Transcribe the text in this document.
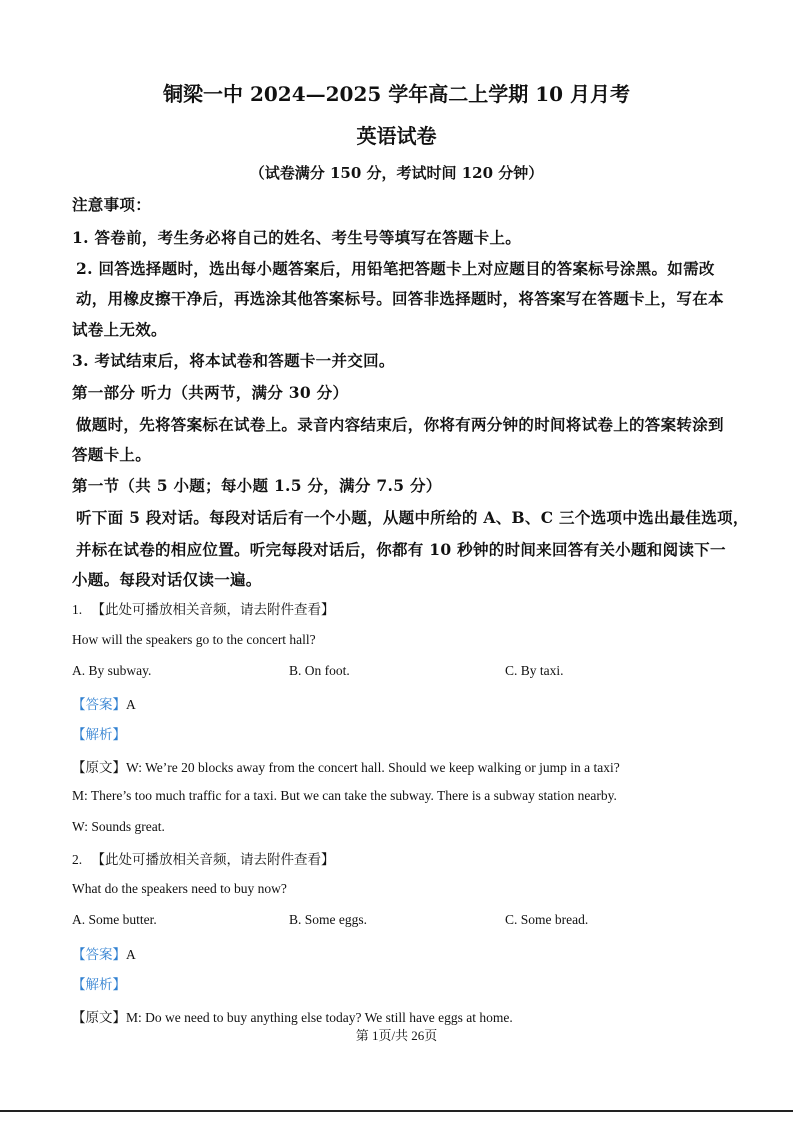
铜梁一中 2024—2025 学年高二上学期 10 月月考
英语试卷
（试卷满分 150 分，考试时间 120 分钟）
注意事项：
1. 答卷前，考生务必将自己的姓名、考生号等填写在答题卡上。
2. 回答选择题时，选出每小题答案后，用铅笔把答题卡上对应题目的答案标号涂黑。如需改
动，用橡皮擦干净后，再选涂其他答案标号。回答非选择题时，将答案写在答题卡上，写在本
试卷上无效。
3. 考试结束后，将本试卷和答题卡一并交回。
第一部分 听力（共两节，满分 30 分）
做题时，先将答案标在试卷上。录音内容结束后，你将有两分钟的时间将试卷上的答案转涂到
答题卡上。
第一节（共 5 小题；每小题 1.5 分，满分 7.5 分）
听下面 5 段对话。每段对话后有一个小题，从题中所给的 A、B、C 三个选项中选出最佳选项，
并标在试卷的相应位置。听完每段对话后，你都有 10 秒钟的时间来回答有关小题和阅读下一
小题。每段对话仅读一遍。
1. 【此处可播放相关音频，请去附件查看】
How will the speakers go to the concert hall?
A. By subway.	B. On foot.	C. By taxi.
【答案】A
【解析】
【原文】W: We’re 20 blocks away from the concert hall. Should we keep walking or jump in a taxi?
M: There’s too much traffic for a taxi. But we can take the subway. There is a subway station nearby.
W: Sounds great.
2. 【此处可播放相关音频，请去附件查看】
What do the speakers need to buy now?
A. Some butter.	B. Some eggs.	C. Some bread.
【答案】A
【解析】
【原文】M: Do we need to buy anything else today? We still have eggs at home.
第 1页/共 26页
